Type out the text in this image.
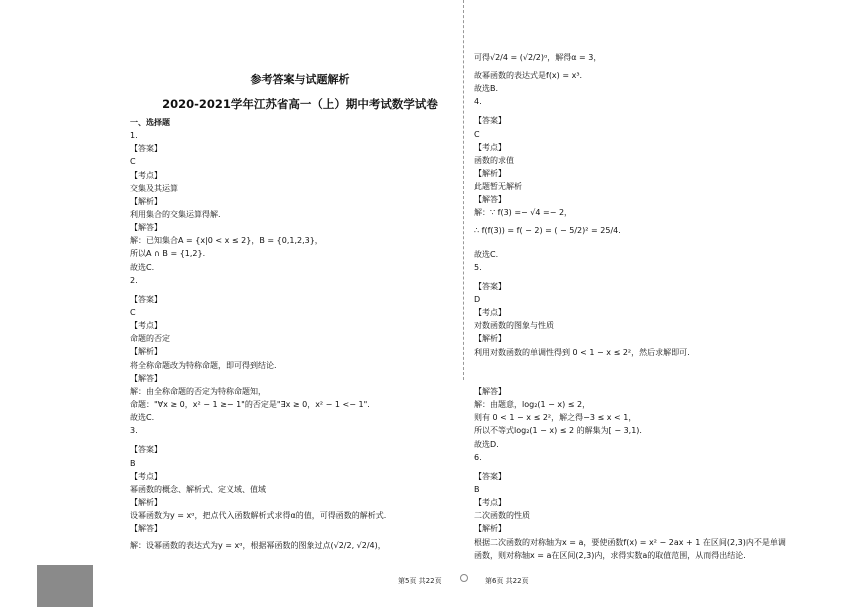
参考答案与试题解析
2020-2021学年江苏省高一（上）期中考试数学试卷
一、选择题
1.
【答案】
C
【考点】
交集及其运算
【解析】
利用集合的交集运算得解.
【解答】
解：已知集合A = {x|0 < x ≤ 2}，B = {0,1,2,3}，
所以A ∩ B = {1,2}.
故选C.
2.
【答案】
C
【考点】
命题的否定
【解析】
将全称命题改为特称命题，即可得到结论.
【解答】
解：由全称命题的否定为特称命题知，
命题："∀x ≥ 0，x² − 1 ≥− 1"的否定是"∃x ≥ 0，x² − 1 <− 1".
故选C.
3.
【答案】
B
【考点】
幂函数的概念、解析式、定义域、值域
【解析】
设幂函数为y = xᵅ，把点代入函数解析式求得α的值，可得函数的解析式.
【解答】
解：设幂函数的表达式为y = xᵅ，根据幂函数的图象过点(√2/2, √2/4)，
第5页 共22页
可得√2/4 = (√2/2)ᵅ，解得α = 3，
故幂函数的表达式是f(x) = x³.
故选B.
4.
【答案】
C
【考点】
函数的求值
【解析】
此题暂无解析
【解答】
解：∵ f(3) =− √4 =− 2，
∴ f(f(3)) = f( − 2) = ( − 5/2)² = 25/4.
故选C.
5.
【答案】
D
【考点】
对数函数的图象与性质
【解析】
利用对数函数的单调性得到 0 < 1 − x ≤ 2²，然后求解即可.
【解答】
解：由题意，log₂(1 − x) ≤ 2，
则有 0 < 1 − x ≤ 2²，解之得−3 ≤ x < 1，
所以不等式log₂(1 − x) ≤ 2 的解集为[ − 3,1).
故选D.
6.
【答案】
B
【考点】
二次函数的性质
【解析】
根据二次函数的对称轴为x = a，要使函数f(x) = x² − 2ax + 1 在区间(2,3)内不是单调
函数，则对称轴x = a在区间(2,3)内，求得实数a的取值范围，从而得出结论.
第6页 共22页
